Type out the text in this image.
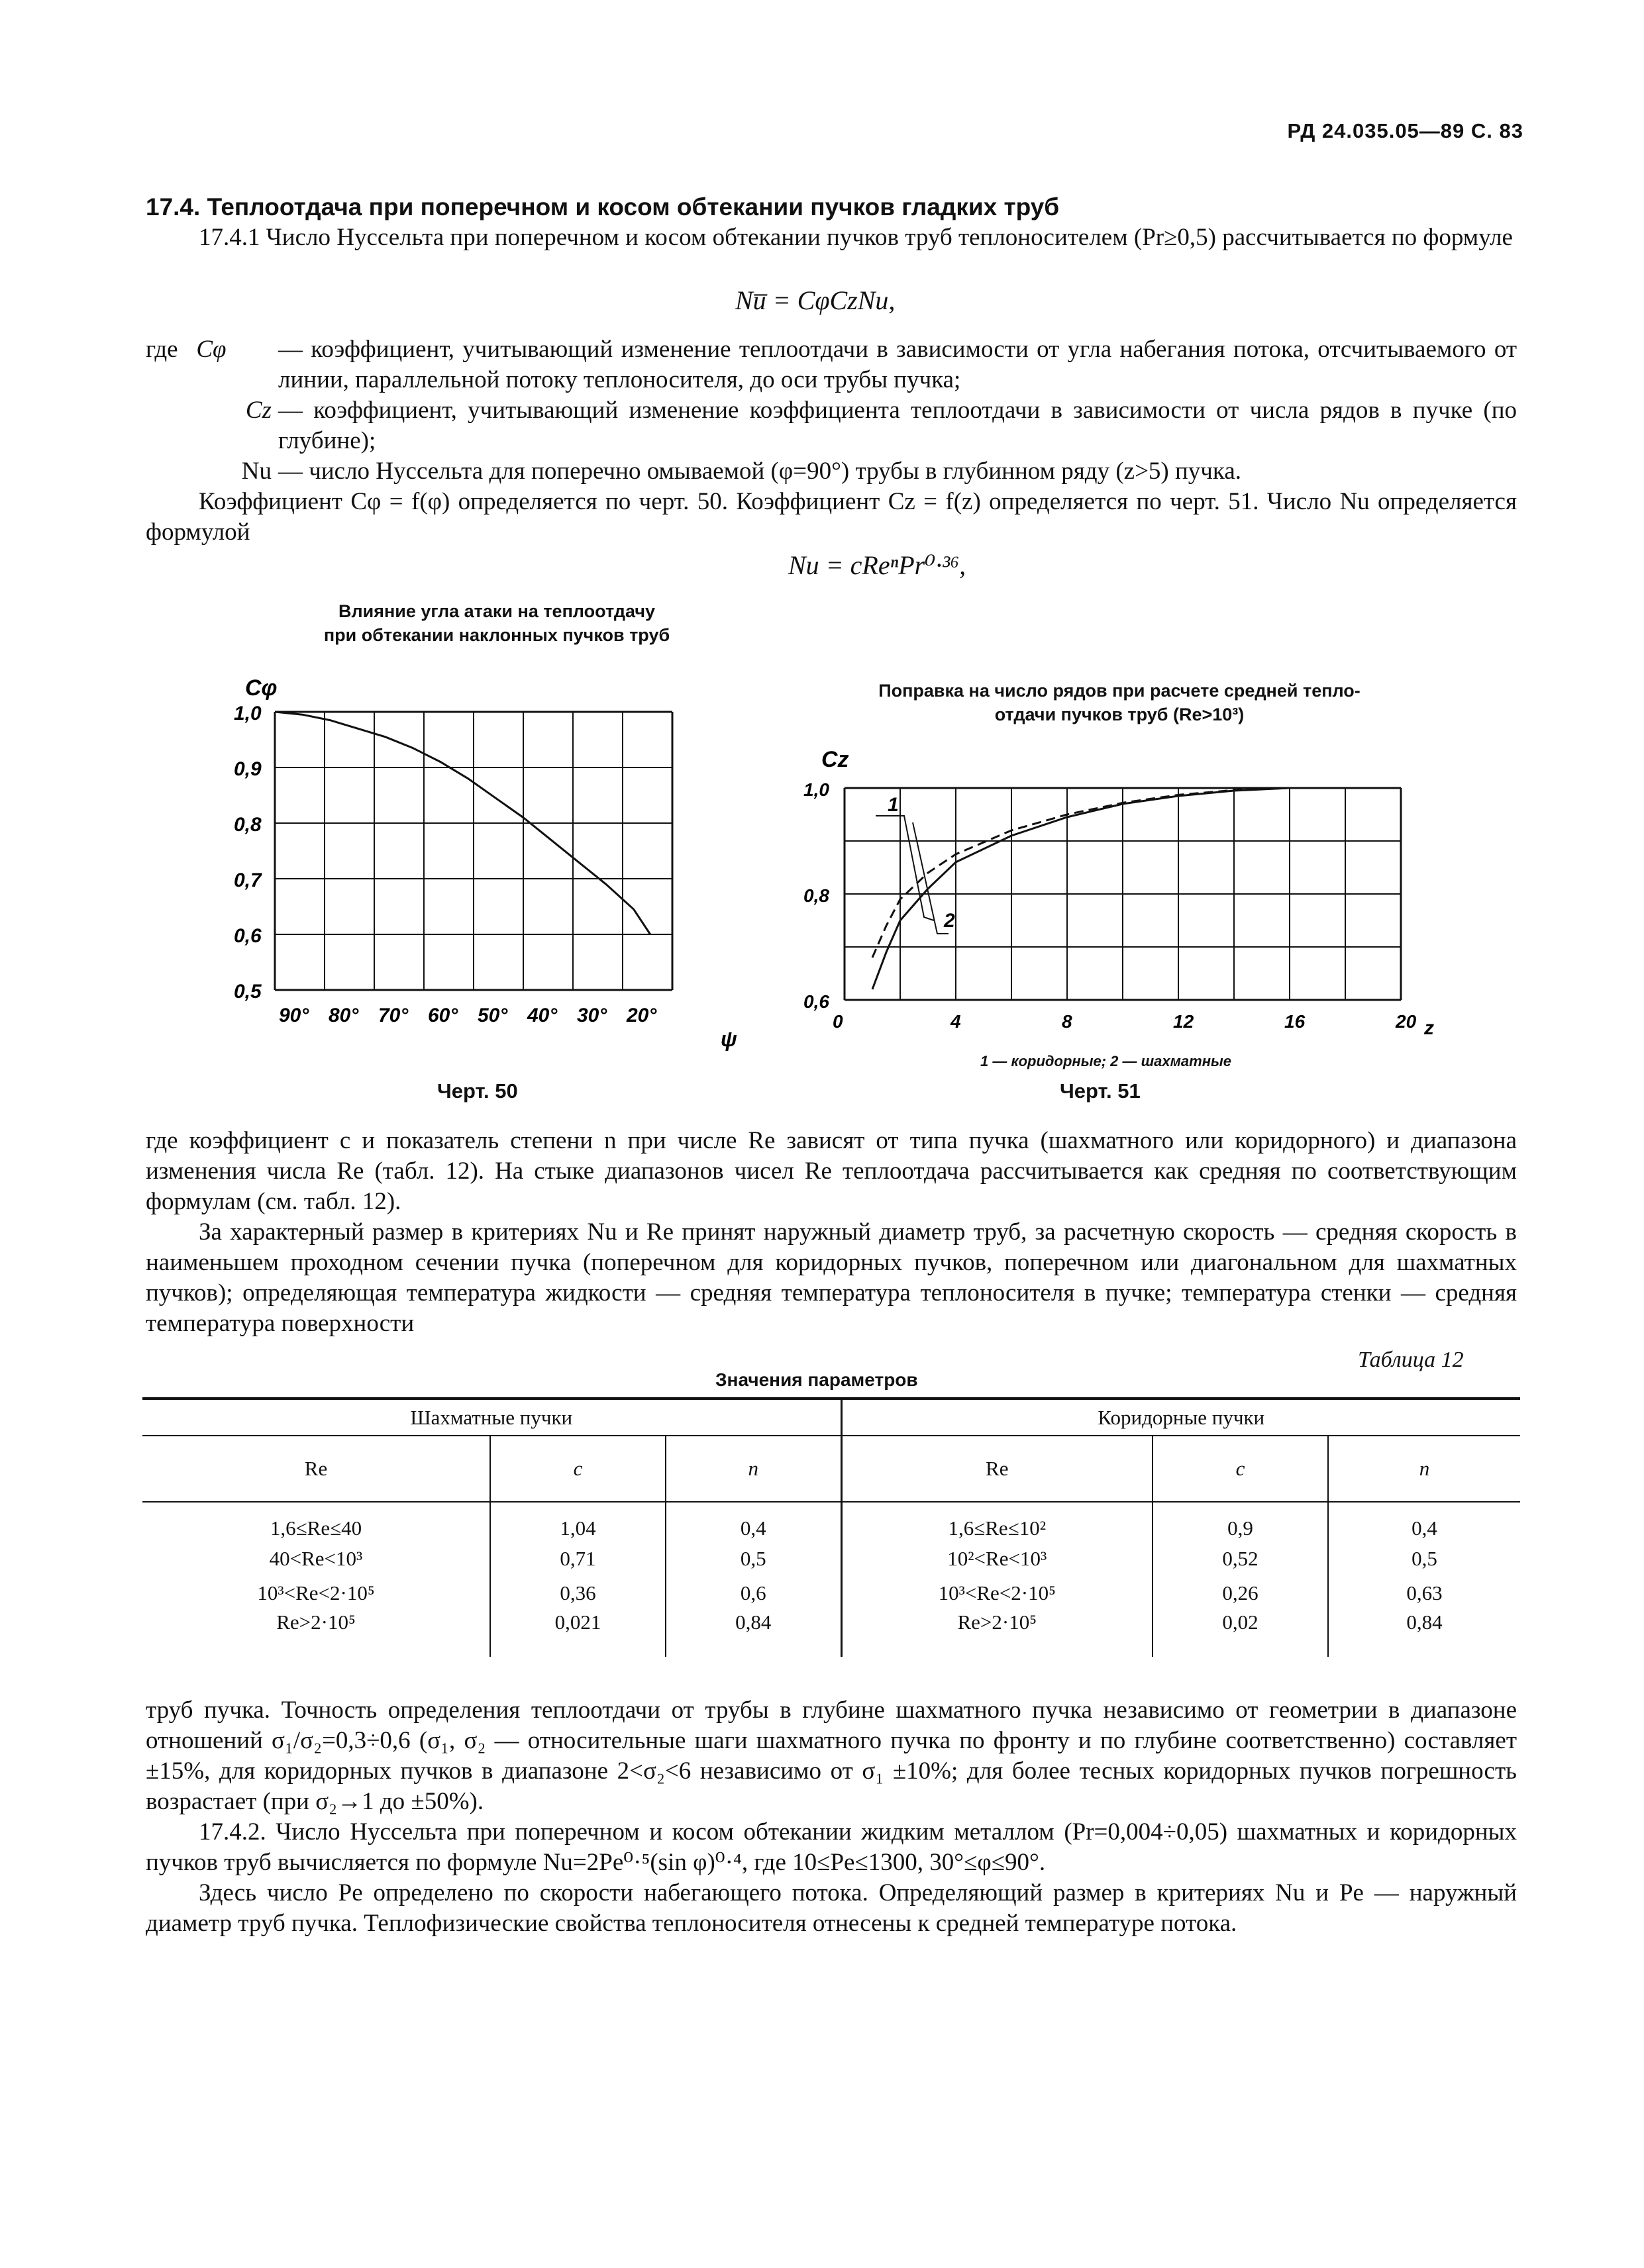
РД 24.035.05—89 С. 83

17.4. Теплоотдача при поперечном и косом обтекании пучков гладких труб

17.4.1 Число Нуссельта при поперечном и косом обтекании пучков труб теплоносителем (Pr≥0,5) рассчитывается по формуле

Nu̅ = CφCzNu,
где Cφ	— коэффициент, учитывающий изменение теплоотдачи в зависимости от угла набегания потока, отсчитываемого от линии, параллельной потоку теплоносителя, до оси трубы пучка;
Cz — коэффициент, учитывающий изменение коэффициента теплоотдачи в зависимости от числа рядов в пучке (по глубине);
Nu — число Нуссельта для поперечно омываемой (φ=90°) трубы в глубинном ряду (z>5) пучка.

Коэффициент Cφ = f(φ) определяется по черт. 50. Коэффициент Cz = f(z) определяется по черт. 51. Число Nu определяется формулой

Nu = cReⁿPr⁰·³⁶,
Влияние угла атаки на теплоотдачу
при обтекании наклонных пучков труб
1,0
0,9
0,8
0,7
0,6
0,5
90° 80° 70° 60° 50° 40° 30° 20°
Cφ
ψ
Черт. 50
Поправка на число рядов при расчете средней тепло-
отдачи пучков труб (Re>10³)
1,0
0,8
0,6
0	4	8	12	16	20
Cz
z
1
2
1 — коридорные; 2 — шахматные
Черт. 51

где коэффициент c и показатель степени n при числе Re зависят от типа пучка (шахматного или коридорного) и диапазона изменения числа Re (табл. 12). На стыке диапазонов чисел Re теплоотдача рассчитывается как средняя по соответствующим формулам (см. табл. 12).

За характерный размер в критериях Nu и Re принят наружный диаметр труб, за расчетную скорость — средняя скорость в наименьшем проходном сечении пучка (поперечном для коридорных пучков, поперечном или диагональном для шахматных пучков); определяющая температура жидкости — средняя температура теплоносителя в пучке; температура стенки — средняя температура поверхности

Таблица 12
Значения параметров
Шахматные пучки			Коридорные пучки		
Re	c	n	Re	c	n
1,6≤Re≤40	1,04	0,4	1,6≤Re≤10²	0,9	0,4
40<Re<10³	0,71	0,5	10²<Re<10³	0,52	0,5
10³<Re<2·10⁵	0,36	0,6	10³<Re<2·10⁵	0,26	0,63
Re>2·10⁵	0,021	0,84	Re>2·10⁵	0,02	0,84

труб пучка. Точность определения теплоотдачи от трубы в глубине шахматного пучка независимо от геометрии в диапазоне отношений σ₁/σ₂=0,3÷0,6 (σ₁, σ₂ — относительные шаги шахматного пучка по фронту и по глубине соответственно) составляет ±15%, для коридорных пучков в диапазоне 2<σ₂<6 независимо от σ₁ ±10%; для более тесных коридорных пучков погрешность возрастает (при σ₂→1 до ±50%).

17.4.2. Число Нуссельта при поперечном и косом обтекании жидким металлом (Pr=0,004÷0,05) шахматных и коридорных пучков труб вычисляется по формуле Nu=2Pe⁰·⁵(sin φ)⁰·⁴, где 10≤Pe≤1300, 30°≤φ≤90°.

Здесь число Pe определено по скорости набегающего потока. Определяющий размер в критериях Nu и Pe — наружный диаметр труб пучка. Теплофизические свойства теплоносителя отнесены к средней температуре потока.
